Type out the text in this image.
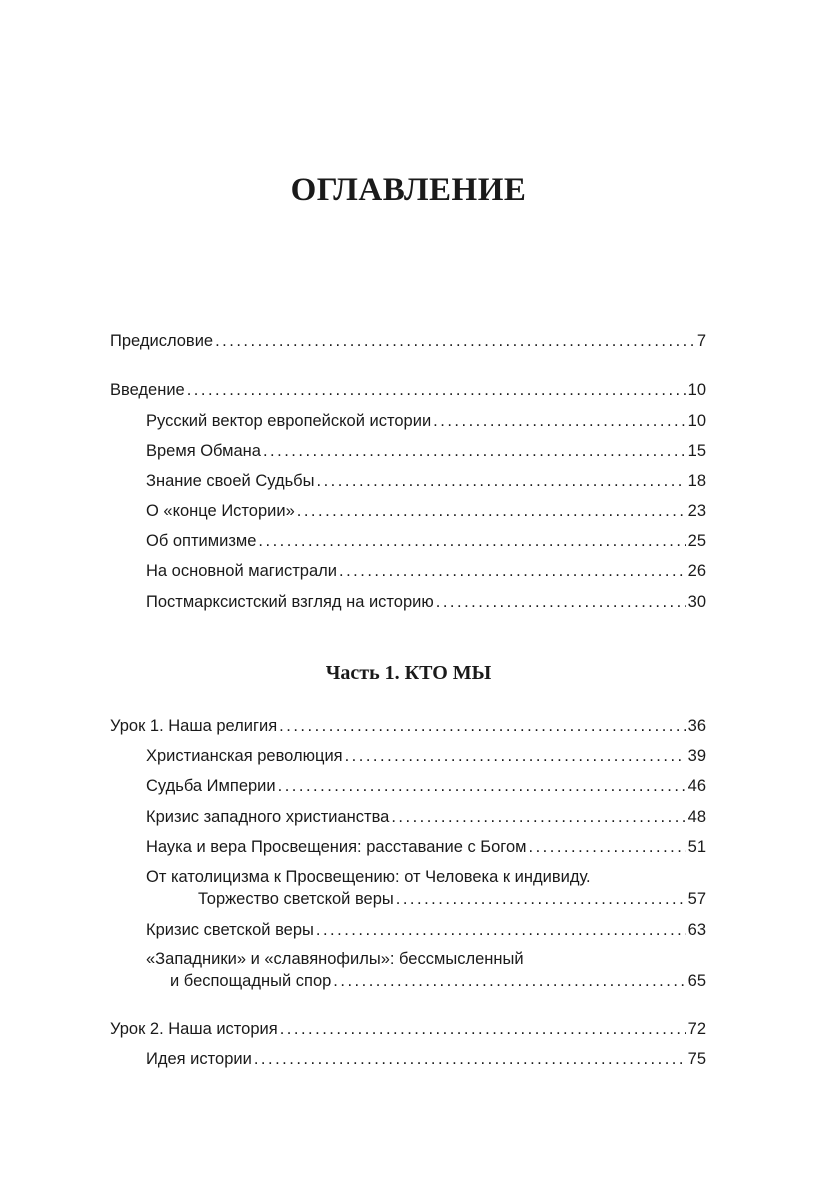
ОГЛАВЛЕНИЕ
Предисловие .....	7
Введение .....	10
Русский вектор европейской истории .....	10
Время Обмана .....	15
Знание своей Судьбы .....	18
О «конце Истории» .....	23
Об оптимизме .....	25
На основной магистрали .....	26
Постмарксистский взгляд на историю .....	30
Часть 1. КТО МЫ
Урок 1. Наша религия .....	36
Христианская революция .....	39
Судьба Империи .....	46
Кризис западного христианства .....	48
Наука и вера Просвещения: расставание с Богом .....	51
От католицизма к Просвещению: от Человека к индивиду.
Торжество светской веры .....	57
Кризис светской веры .....	63
«Западники» и «славянофилы»: бессмысленный
и беспощадный спор .....	65
Урок 2. Наша история .....	72
Идея истории .....	75
